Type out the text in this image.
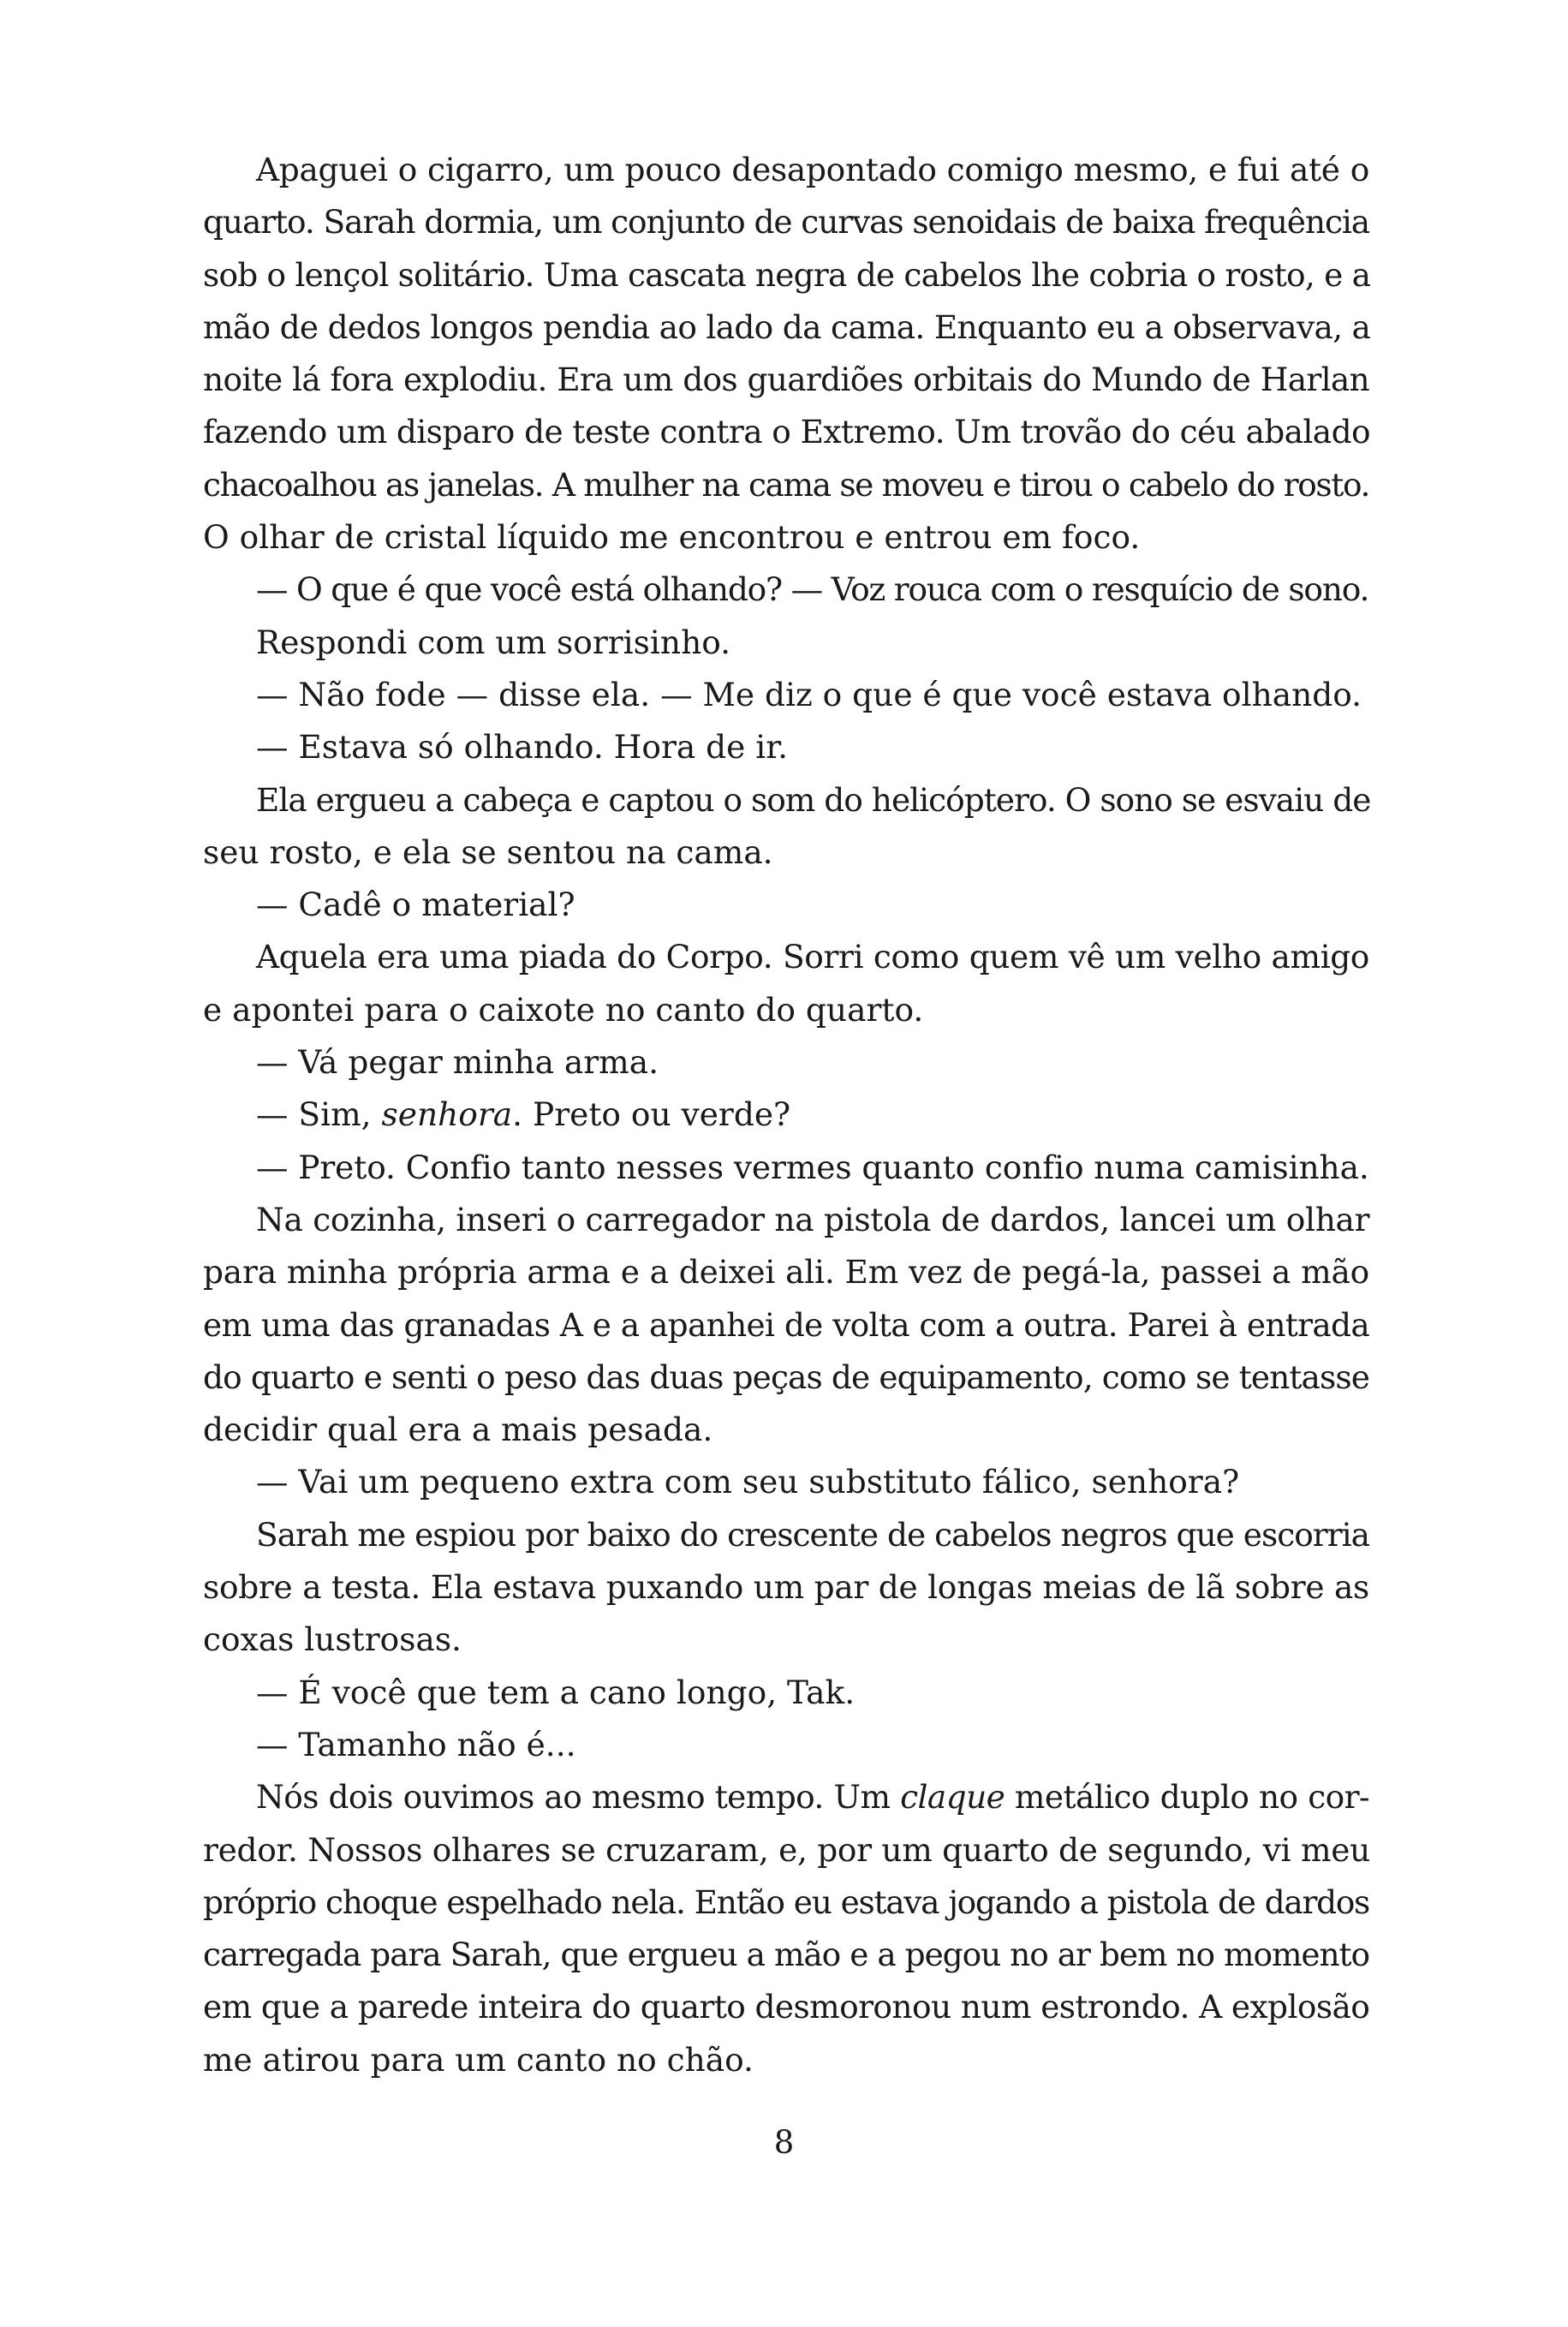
Apaguei o cigarro, um pouco desapontado comigo mesmo, e fui até o
quarto. Sarah dormia, um conjunto de curvas senoidais de baixa frequência
sob o lençol solitário. Uma cascata negra de cabelos lhe cobria o rosto, e a
mão de dedos longos pendia ao lado da cama. Enquanto eu a observava, a
noite lá fora explodiu. Era um dos guardiões orbitais do Mundo de Harlan
fazendo um disparo de teste contra o Extremo. Um trovão do céu abalado
chacoalhou as janelas. A mulher na cama se moveu e tirou o cabelo do rosto.
O olhar de cristal líquido me encontrou e entrou em foco.
— O que é que você está olhando? — Voz rouca com o resquício de sono.
Respondi com um sorrisinho.
— Não fode — disse ela. — Me diz o que é que você estava olhando.
— Estava só olhando. Hora de ir.
Ela ergueu a cabeça e captou o som do helicóptero. O sono se esvaiu de
seu rosto, e ela se sentou na cama.
— Cadê o material?
Aquela era uma piada do Corpo. Sorri como quem vê um velho amigo
e apontei para o caixote no canto do quarto.
— Vá pegar minha arma.
— Sim, senhora. Preto ou verde?
— Preto. Confio tanto nesses vermes quanto confio numa camisinha.
Na cozinha, inseri o carregador na pistola de dardos, lancei um olhar
para minha própria arma e a deixei ali. Em vez de pegá-la, passei a mão
em uma das granadas A e a apanhei de volta com a outra. Parei à entrada
do quarto e senti o peso das duas peças de equipamento, como se tentasse
decidir qual era a mais pesada.
— Vai um pequeno extra com seu substituto fálico, senhora?
Sarah me espiou por baixo do crescente de cabelos negros que escorria
sobre a testa. Ela estava puxando um par de longas meias de lã sobre as
coxas lustrosas.
— É você que tem a cano longo, Tak.
— Tamanho não é...
Nós dois ouvimos ao mesmo tempo. Um claque metálico duplo no cor-
redor. Nossos olhares se cruzaram, e, por um quarto de segundo, vi meu
próprio choque espelhado nela. Então eu estava jogando a pistola de dardos
carregada para Sarah, que ergueu a mão e a pegou no ar bem no momento
em que a parede inteira do quarto desmoronou num estrondo. A explosão
me atirou para um canto no chão.
8
